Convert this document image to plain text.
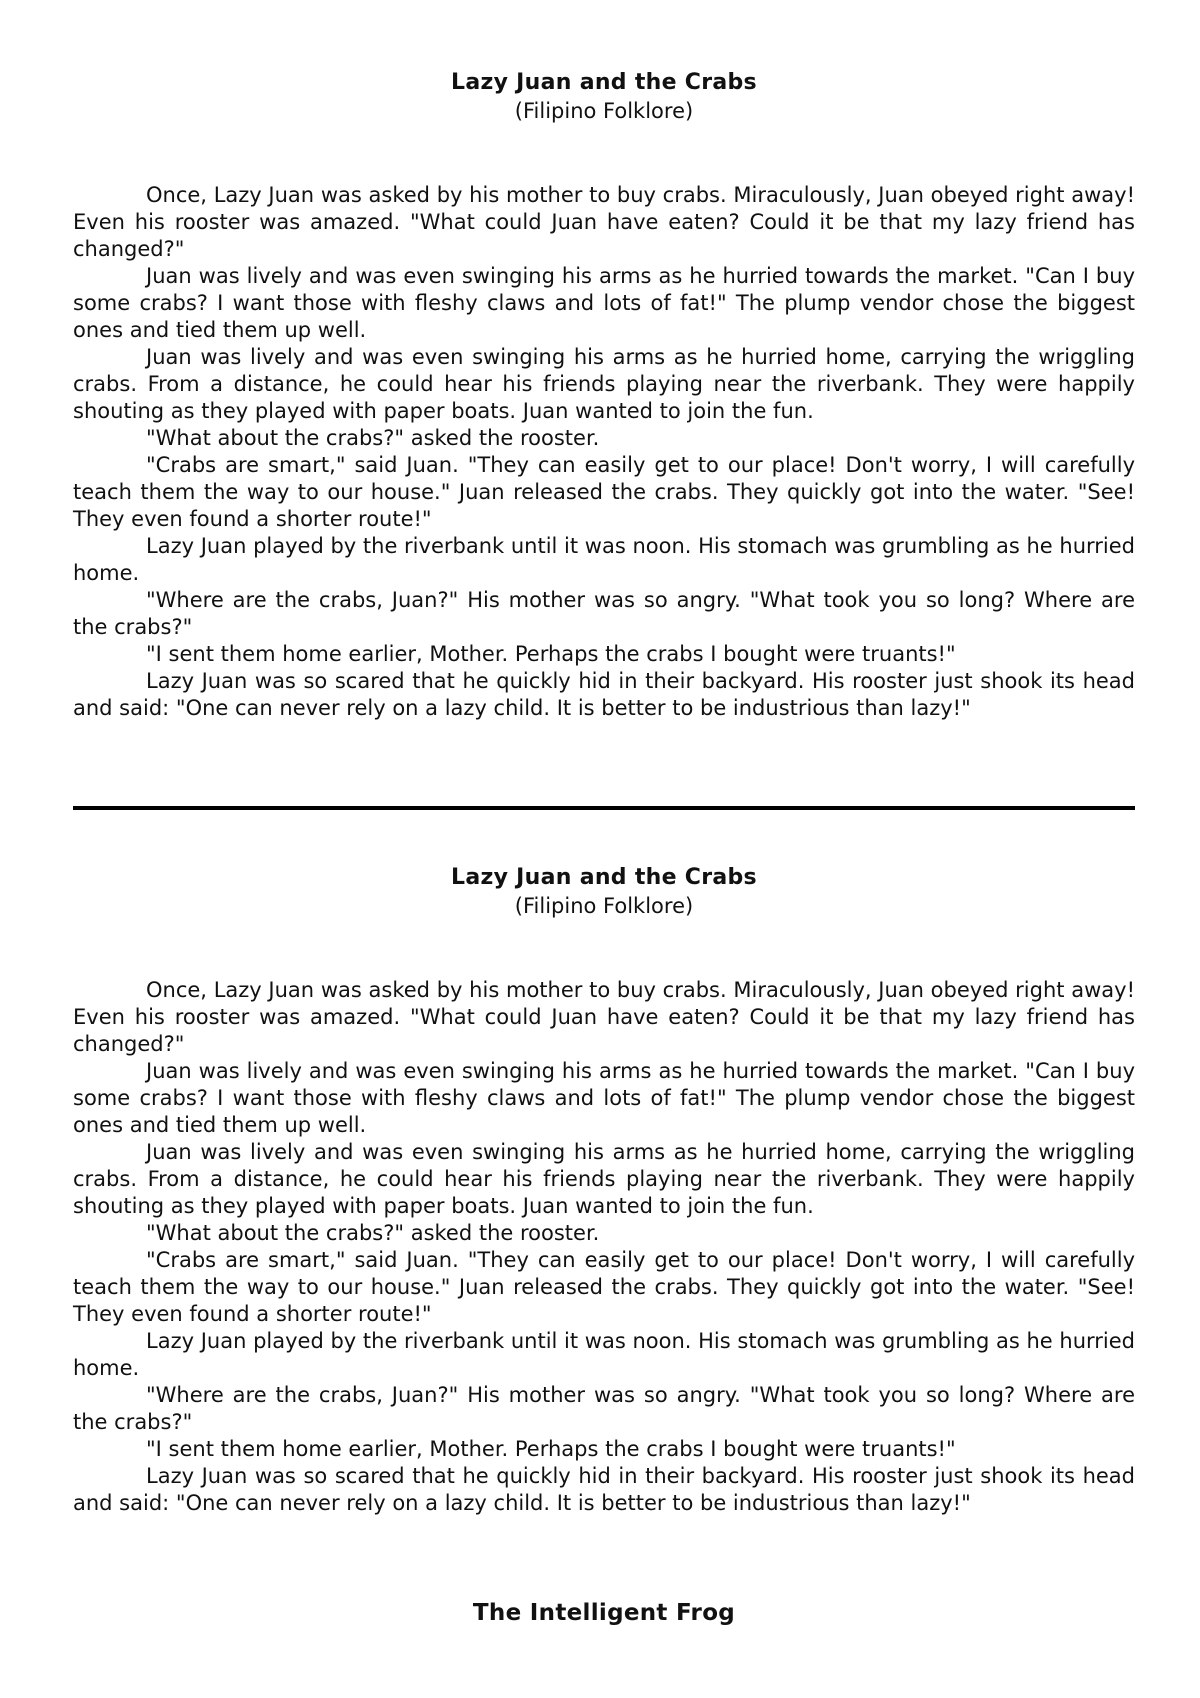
Lazy Juan and the Crabs

(Filipino Folklore)

Once, Lazy Juan was asked by his mother to buy crabs. Miraculously, Juan obeyed right away! Even his rooster was amazed. "What could Juan have eaten? Could it be that my lazy friend has changed?"

Juan was lively and was even swinging his arms as he hurried towards the market. "Can I buy some crabs? I want those with fleshy claws and lots of fat!" The plump vendor chose the biggest ones and tied them up well.

Juan was lively and was even swinging his arms as he hurried home, carrying the wriggling crabs. From a distance, he could hear his friends playing near the riverbank. They were happily shouting as they played with paper boats. Juan wanted to join the fun.

"What about the crabs?" asked the rooster.

"Crabs are smart," said Juan. "They can easily get to our place! Don't worry, I will carefully teach them the way to our house." Juan released the crabs. They quickly got into the water. "See! They even found a shorter route!"

Lazy Juan played by the riverbank until it was noon. His stomach was grumbling as he hurried home.

"Where are the crabs, Juan?" His mother was so angry. "What took you so long? Where are the crabs?"

"I sent them home earlier, Mother. Perhaps the crabs I bought were truants!"

Lazy Juan was so scared that he quickly hid in their backyard. His rooster just shook its head and said: "One can never rely on a lazy child. It is better to be industrious than lazy!"

Lazy Juan and the Crabs

(Filipino Folklore)

Once, Lazy Juan was asked by his mother to buy crabs. Miraculously, Juan obeyed right away! Even his rooster was amazed. "What could Juan have eaten? Could it be that my lazy friend has changed?"

Juan was lively and was even swinging his arms as he hurried towards the market. "Can I buy some crabs? I want those with fleshy claws and lots of fat!" The plump vendor chose the biggest ones and tied them up well.

Juan was lively and was even swinging his arms as he hurried home, carrying the wriggling crabs. From a distance, he could hear his friends playing near the riverbank. They were happily shouting as they played with paper boats. Juan wanted to join the fun.

"What about the crabs?" asked the rooster.

"Crabs are smart," said Juan. "They can easily get to our place! Don't worry, I will carefully teach them the way to our house." Juan released the crabs. They quickly got into the water. "See! They even found a shorter route!"

Lazy Juan played by the riverbank until it was noon. His stomach was grumbling as he hurried home.

"Where are the crabs, Juan?" His mother was so angry. "What took you so long? Where are the crabs?"

"I sent them home earlier, Mother. Perhaps the crabs I bought were truants!"

Lazy Juan was so scared that he quickly hid in their backyard. His rooster just shook its head and said: "One can never rely on a lazy child. It is better to be industrious than lazy!"

The Intelligent Frog
